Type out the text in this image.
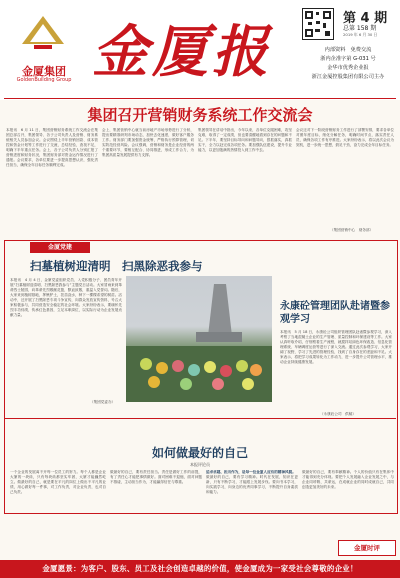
金厦集团
GoldenBuilding Group 金厦报
第 4 期
总第 158 期
2019 年 6 月 30 日
内部资料　免费交流
浙内企准字第 G-031 号
金华市优秀企业报
浙江金厦控股集团有限公司主办
集团召开营销财务系统工作交流会
本报讯　6 月 11 日，集团营销财务系统工作交流会在集团总部召开，集团领导、各子公司负责人及营销、财务系统相关人员参加会议。会议围绕上半年营销回款、成本管控和资金计划等工作进行了交流，总结经验，查找不足，明确下半年重点任务。会上，各子公司负责人分别汇报了营销进度和财务状况，集团财务部对资金运作情况进行了通报。会议要求，各单位要进一步提高思想认识，强化责任担当，确保全年目标任务顺利完成。
会上，集团营销中心就当前房地产市场形势进行了分析，提出要精准研判市场动态，加快去化速度，做好客户服务工作。财务部门要加强资金统筹，严格执行预算管理，切实防范经营风险。会议强调，营销和财务是企业经营的两个重要环节，要相互配合、协同推进，形成工作合力，为集团高质量发展提供有力支撑。
集团领导在讲话中指出，今年以来，各单位克服困难，攻坚克难，取得了一定成绩，但也要清醒地看到存在的问题和不足。下半年，要坚持目标导向和问题导向，狠抓落实，真抓实干，全力以赴完成各项任务。要加强队伍建设，提升专业能力，以更加饱满的热情投入到工作中去。
会议还对下一阶段营销财务工作进行了部署安排，要求各单位对照年度目标，细化分解任务，明确时间节点，落实责任人员，确保各项工作有序推进。大家纷纷表示，将以此次会议为契机，进一步统一思想，鼓足干劲，奋力完成全年目标任务。
（集团营销中心　财务部）
金厦党建
扫墓植树迎清明　扫黑除恶我参与
本报讯　4 月 4 日，金厦党委组织党员、入党积极分子、团员青年开展“扫墓植树迎清明、扫黑除恶我参与”主题党日活动。大家冒雨来到革命烈士陵园，向革命先烈敬献花篮，默哀致敬，重温入党誓词。随后，大家来到植树基地，挥锹铲土，扶苗浇水，种下一棵棵希望的树苗。活动中，还开展了扫黑除恶专项斗争宣传，向群众发放宣传资料，号召大家积极参与，共同营造安全稳定的社会环境。大家纷纷表示，要缅怀先烈丰功伟绩，传承红色基因，立足本职岗位，以实际行动为企业发展贡献力量。
（集团党委办）
永康砼管理团队赴诸暨参观学习
本报讯　5 月 18 日，永康砼公司组织管理团队赴诸暨参观学习，深入考察了当地混凝土企业的生产管理、质量控制和环保建设等工作。大家认真听取介绍，仔细察看生产流程，就搅拌站绿色环保改造、信息化管理系统、车辆调度运营等进行了深入交流。通过此次参观学习，大家开阔了视野，学习了先进的管理经验，找到了自身存在的差距和不足。大家表示，将把学习成果转化为工作动力，进一步提升公司管理水平，推动企业持续健康发展。
（永康砼公司　供稿）
如何做最好的自己
本报评论员
一个企业的发展离不开每一位员工的努力。每个人都是企业大厦的一块砖，只有每块砖都坚实牢固，大厦才能巍然屹立。做最好的自己，就是要在平凡的岗位上做出不平凡的业绩，用心做好每一件事，对工作负责，对企业负责，也对自己负责。
做最好的自己，要有责任担当。责任是做好工作的前提，有了责任心才能把事情做好。面对困难不退缩，面对问题不推诿，主动担当作为，才能赢得信任与尊重。

追求卓越、担当作为，是每一位金厦人应有的精神风貌。

做最好的自己，要有学习精神。时代在发展，知识在更新，只有不断学习，才能跟上发展步伐。要向书本学习，向实践学习，向身边的优秀同事学习，不断提升自身素质和能力。

做最好的自己，要有奉献精神。个人的价值只有在集体中才能得到充分体现。要把个人发展融入企业发展之中，与企业同呼吸、共命运，在成就企业的同时成就自己，共同创造更加美好的未来。
金厦时评
金厦愿景：为客户、股东、员工及社会创造卓越的价值，使金厦成为一家受社会尊敬的企业！
